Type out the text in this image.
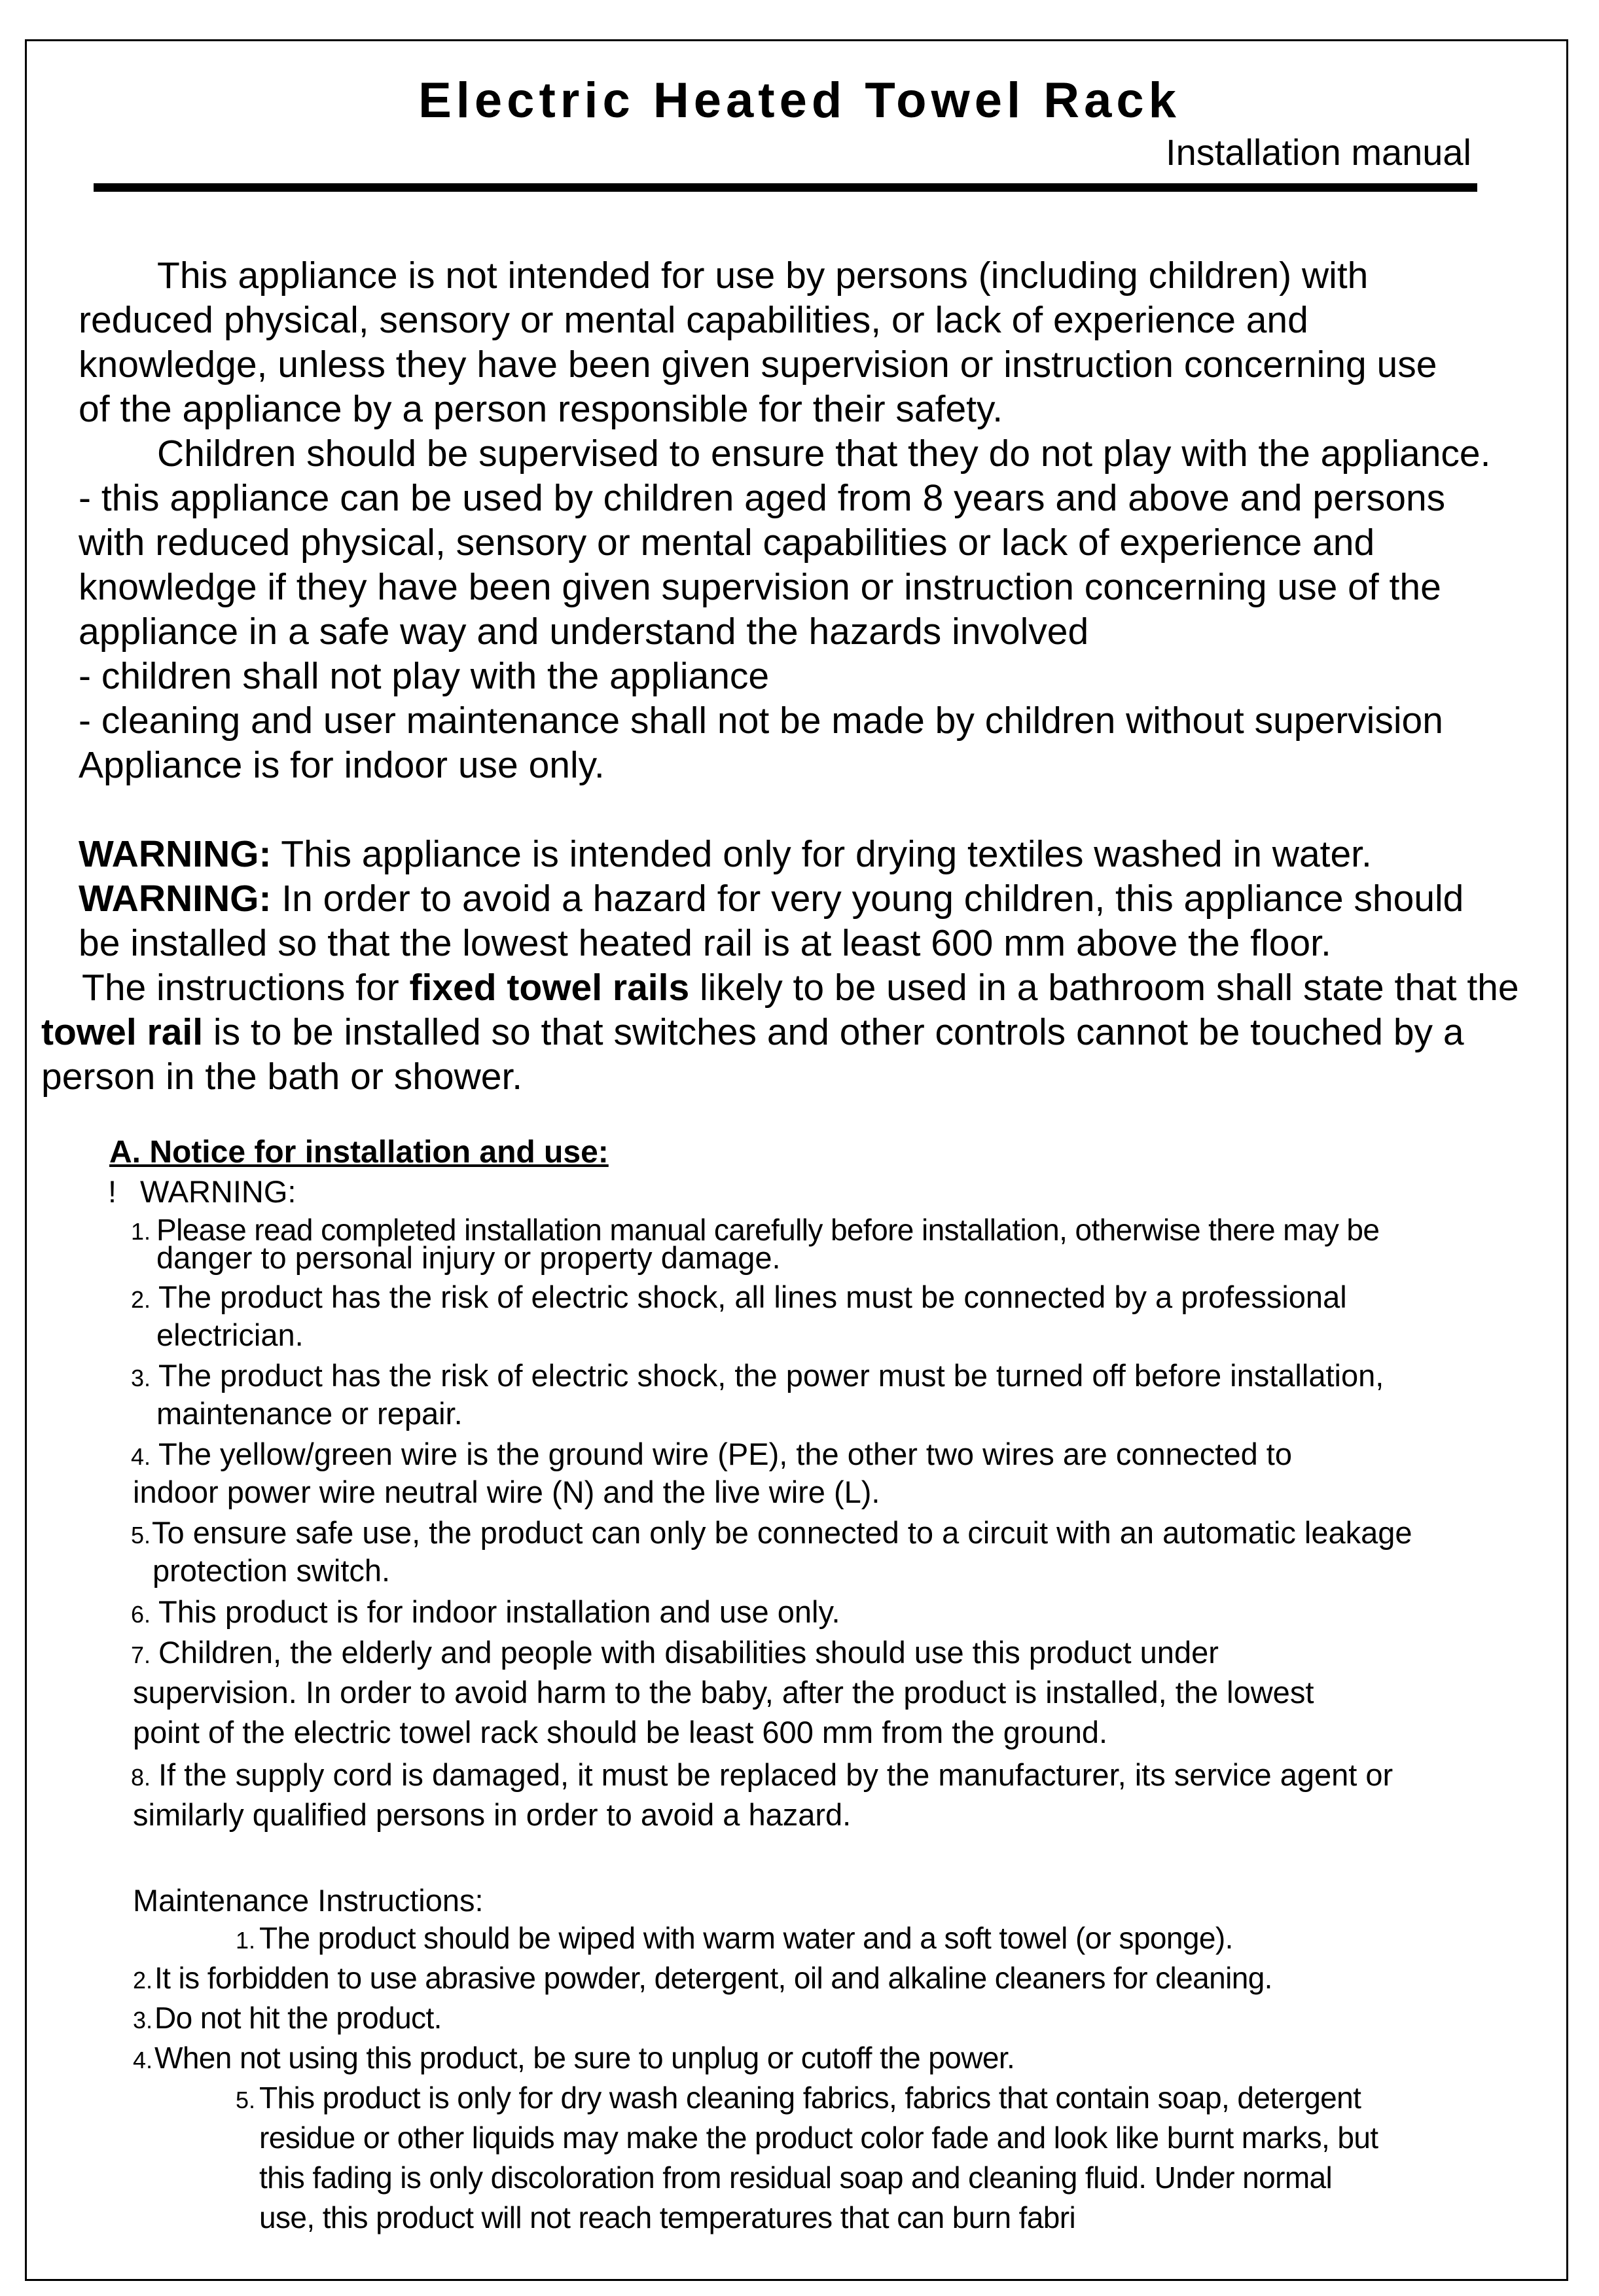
Electric Heated Towel Rack
Installation manual
This appliance is not intended for use by persons (including children) with
reduced physical, sensory or mental capabilities, or lack of experience and
knowledge, unless they have been given supervision or instruction concerning use
of the appliance by a person responsible for their safety.
Children should be supervised to ensure that they do not play with the appliance.
- this appliance can be used by children aged from 8 years and above and persons
with reduced physical, sensory or mental capabilities or lack of experience and
knowledge if they have been given supervision or instruction concerning use of the
appliance in a safe way and understand the hazards involved
- children shall not play with the appliance
- cleaning and user maintenance shall not be made by children without supervision
Appliance is for indoor use only.
WARNING: This appliance is intended only for drying textiles washed in water.
WARNING: In order to avoid a hazard for very young children, this appliance should
be installed so that the lowest heated rail is at least 600 mm above the floor.
The instructions for fixed towel rails likely to be used in a bathroom shall state that the
towel rail is to be installed so that switches and other controls cannot be touched by a
person in the bath or shower.
A. Notice for installation and use:
! WARNING:
1. Please read completed installation manual carefully before installation, otherwise there may be
danger to personal injury or property damage.
2. The product has the risk of electric shock, all lines must be connected by a professional
electrician.
3. The product has the risk of electric shock, the power must be turned off before installation,
maintenance or repair.
4. The yellow/green wire is the ground wire (PE), the other two wires are connected to
indoor power wire neutral wire (N) and the live wire (L).
5. To ensure safe use, the product can only be connected to a circuit with an automatic leakage
protection switch.
6. This product is for indoor installation and use only.
7. Children, the elderly and people with disabilities should use this product under
supervision. In order to avoid harm to the baby, after the product is installed, the lowest
point of the electric towel rack should be least 600 mm from the ground.
8. If the supply cord is damaged, it must be replaced by the manufacturer, its service agent or
similarly qualified persons in order to avoid a hazard.
Maintenance Instructions:
1. The product should be wiped with warm water and a soft towel (or sponge).
2. It is forbidden to use abrasive powder, detergent, oil and alkaline cleaners for cleaning.
3. Do not hit the product.
4. When not using this product, be sure to unplug or cutoff the power.
5. This product is only for dry wash cleaning fabrics, fabrics that contain soap, detergent
residue or other liquids may make the product color fade and look like burnt marks, but
this fading is only discoloration from residual soap and cleaning fluid. Under normal
use, this product will not reach temperatures that can burn fabri
